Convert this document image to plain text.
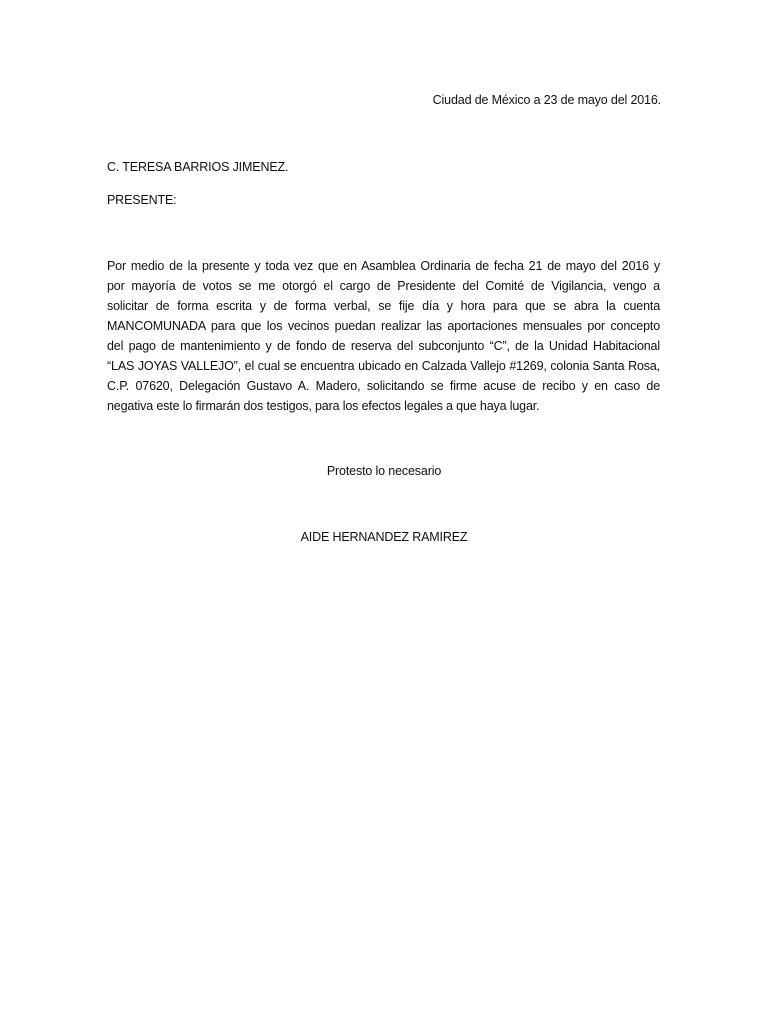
Ciudad de México a 23 de mayo del 2016.
C. TERESA BARRIOS JIMENEZ.
PRESENTE:
Por medio de la presente y toda vez que en Asamblea Ordinaria de fecha 21 de mayo del 2016 y
por mayoría de votos se me otorgó el cargo de Presidente del Comité de Vigilancia, vengo a
solicitar de forma escrita y de forma verbal, se fije día y hora para que se abra la cuenta
MANCOMUNADA para que los vecinos puedan realizar las aportaciones mensuales por concepto
del pago de mantenimiento y de fondo de reserva del subconjunto “C”, de la Unidad Habitacional
“LAS JOYAS VALLEJO”, el cual se encuentra ubicado en Calzada Vallejo #1269, colonia Santa Rosa,
C.P. 07620, Delegación Gustavo A. Madero, solicitando se firme acuse de recibo y en caso de
negativa este lo firmarán dos testigos, para los efectos legales a que haya lugar.
Protesto lo necesario
AIDE HERNANDEZ RAMIREZ
